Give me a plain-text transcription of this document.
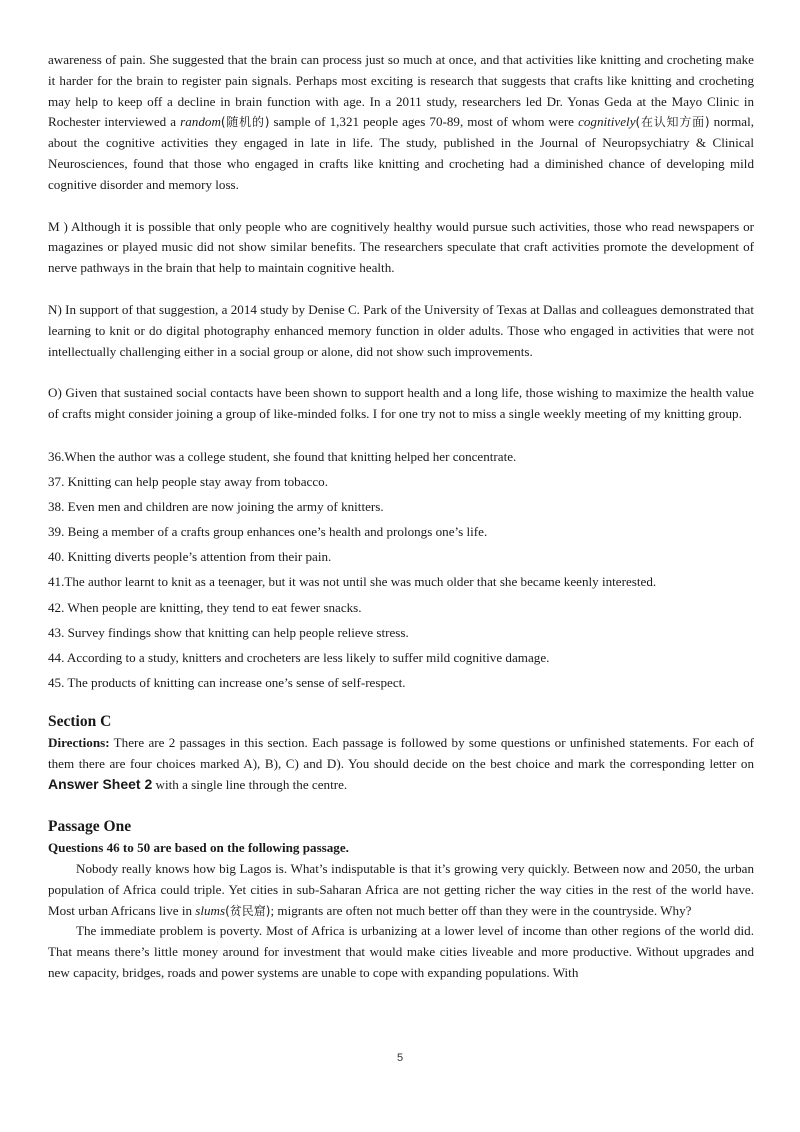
awareness of pain. She suggested that the brain can process just so much at once, and that activities like knitting and crocheting make it harder for the brain to register pain signals. Perhaps most exciting is research that suggests that crafts like knitting and crocheting may help to keep off a decline in brain function with age. In a 2011 study, researchers led Dr. Yonas Geda at the Mayo Clinic in Rochester interviewed a random(随机的) sample of 1,321 people ages 70-89, most of whom were cognitively(在认知方面) normal, about the cognitive activities they engaged in late in life. The study, published in the Journal of Neuropsychiatry & Clinical Neurosciences, found that those who engaged in crafts like knitting and crocheting had a diminished chance of developing mild cognitive disorder and memory loss.

M ) Although it is possible that only people who are cognitively healthy would pursue such activities, those who read newspapers or magazines or played music did not show similar benefits. The researchers speculate that craft activities promote the development of nerve pathways in the brain that help to maintain cognitive health.

N) In support of that suggestion, a 2014 study by Denise C. Park of the University of Texas at Dallas and colleagues demonstrated that learning to knit or do digital photography enhanced memory function in older adults. Those who engaged in activities that were not intellectually challenging either in a social group or alone, did not show such improvements.

O) Given that sustained social contacts have been shown to support health and a long life, those wishing to maximize the health value of crafts might consider joining a group of like-minded folks. I for one try not to miss a single weekly meeting of my knitting group.

36.When the author was a college student, she found that knitting helped her concentrate.

37. Knitting can help people stay away from tobacco.

38. Even men and children are now joining the army of knitters.

39. Being a member of a crafts group enhances one’s health and prolongs one’s life.

40. Knitting diverts people’s attention from their pain.

41.The author learnt to knit as a teenager, but it was not until she was much older that she became keenly interested.

42. When people are knitting, they tend to eat fewer snacks.

43. Survey findings show that knitting can help people relieve stress.

44. According to a study, knitters and crocheters are less likely to suffer mild cognitive damage.

45. The products of knitting can increase one’s sense of self-respect.

Section C

Directions: There are 2 passages in this section. Each passage is followed by some questions or unfinished statements. For each of them there are four choices marked A), B), C) and D). You should decide on the best choice and mark the corresponding letter on Answer Sheet 2 with a single line through the centre.

Passage One

Questions 46 to 50 are based on the following passage.

Nobody really knows how big Lagos is. What’s indisputable is that it’s growing very quickly. Between now and 2050, the urban population of Africa could triple. Yet cities in sub-Saharan Africa are not getting richer the way cities in the rest of the world have. Most urban Africans live in slums(贫民窟); migrants are often not much better off than they were in the countryside. Why?

The immediate problem is poverty. Most of Africa is urbanizing at a lower level of income than other regions of the world did. That means there’s little money around for investment that would make cities liveable and more productive. Without upgrades and new capacity, bridges, roads and power systems are unable to cope with expanding populations. With

5
